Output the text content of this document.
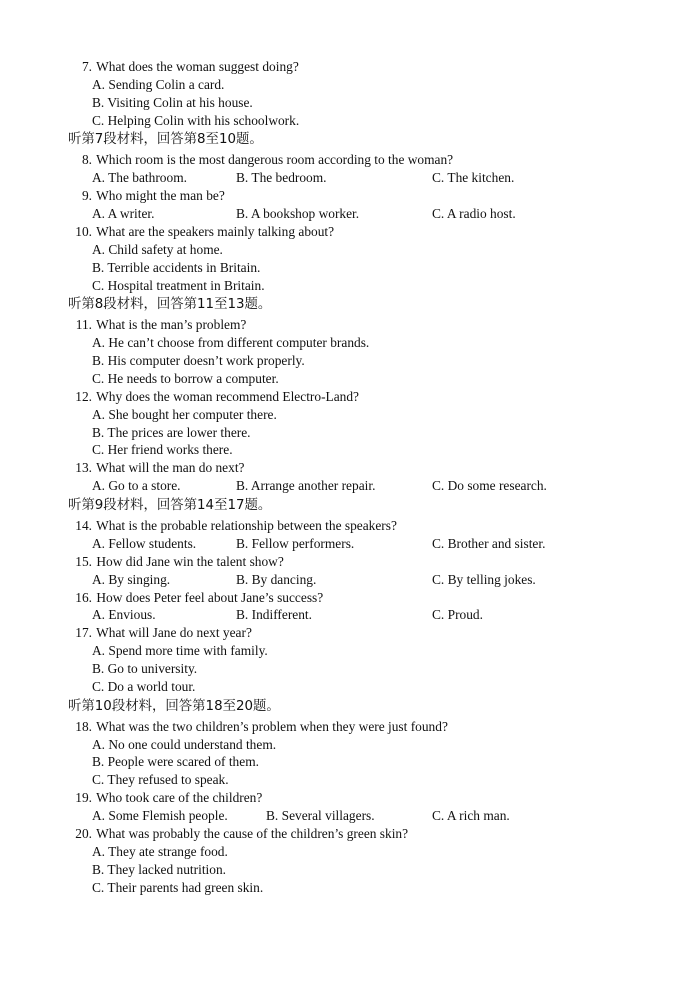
7. What does the woman suggest doing?
A. Sending Colin a card.
B. Visiting Colin at his house.
C. Helping Colin with his schoolwork.
听第7段材料，回答第8至10题。
8. Which room is the most dangerous room according to the woman?
A. The bathroom.	B. The bedroom.	C. The kitchen.
9. Who might the man be?
A. A writer.	B. A bookshop worker.	C. A radio host.
10. What are the speakers mainly talking about?
A. Child safety at home.
B. Terrible accidents in Britain.
C. Hospital treatment in Britain.
听第8段材料，回答第11至13题。
11. What is the man’s problem?
A. He can’t choose from different computer brands.
B. His computer doesn’t work properly.
C. He needs to borrow a computer.
12. Why does the woman recommend Electro-Land?
A. She bought her computer there.
B. The prices are lower there.
C. Her friend works there.
13. What will the man do next?
A. Go to a store.	B. Arrange another repair.	C. Do some research.
听第9段材料，回答第14至17题。
14. What is the probable relationship between the speakers?
A. Fellow students.	B. Fellow performers.	C. Brother and sister.
15. How did Jane win the talent show?
A. By singing.	B. By dancing.	C. By telling jokes.
16. How does Peter feel about Jane’s success?
A. Envious.	B. Indifferent.	C. Proud.
17. What will Jane do next year?
A. Spend more time with family.
B. Go to university.
C. Do a world tour.
听第10段材料，回答第18至20题。
18. What was the two children’s problem when they were just found?
A. No one could understand them.
B. People were scared of them.
C. They refused to speak.
19. Who took care of the children?
A. Some Flemish people.	B. Several villagers.	C. A rich man.
20. What was probably the cause of the children’s green skin?
A. They ate strange food.
B. They lacked nutrition.
C. Their parents had green skin.
